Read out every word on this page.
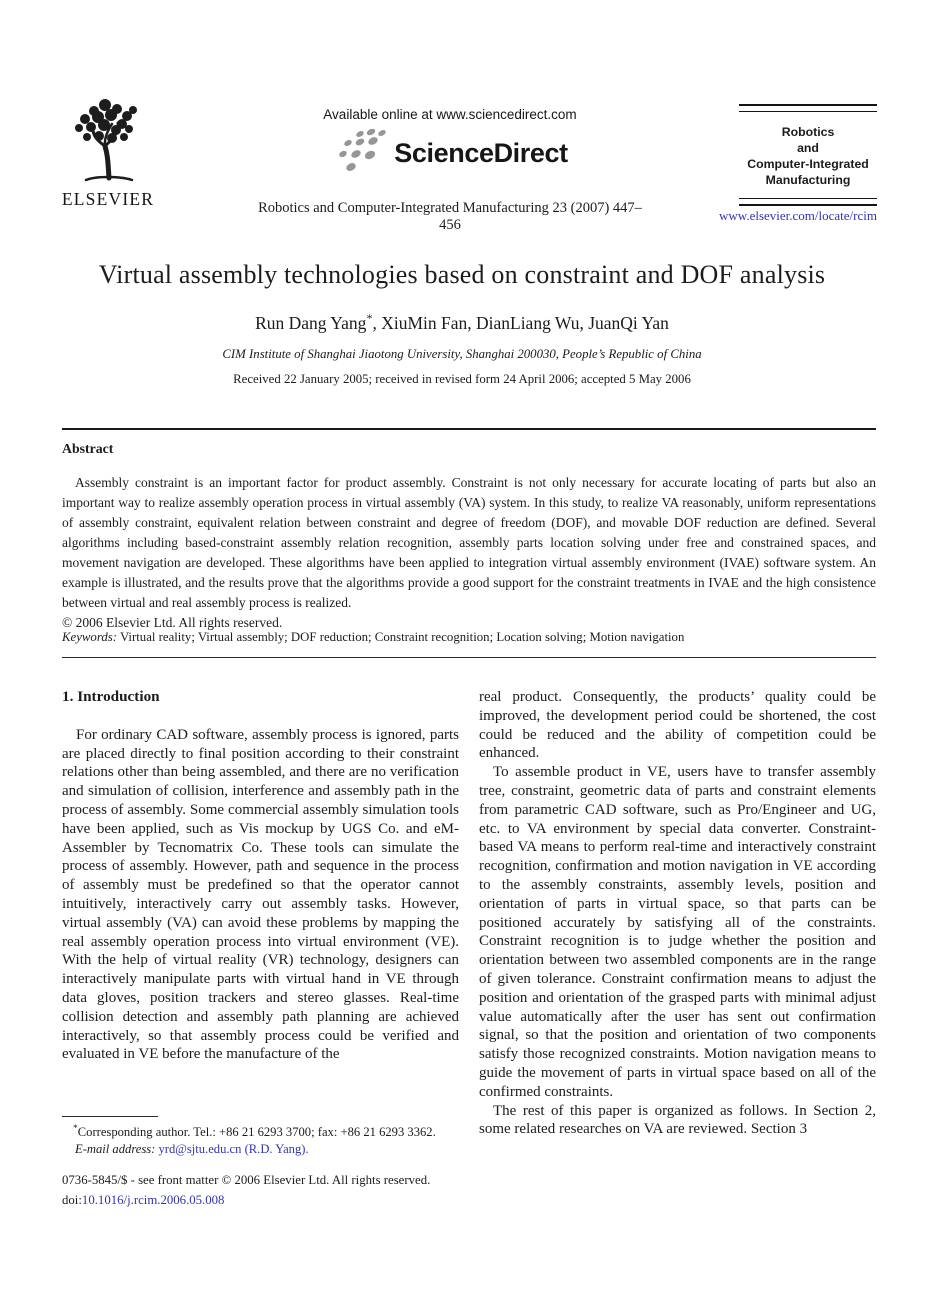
ELSEVIER
Available online at www.sciencedirect.com
ScienceDirect
Robotics and Computer-Integrated Manufacturing 23 (2007) 447–456
Robotics
and
Computer-Integrated
Manufacturing
www.elsevier.com/locate/rcim
Virtual assembly technologies based on constraint and DOF analysis
Run Dang Yang*, XiuMin Fan, DianLiang Wu, JuanQi Yan
CIM Institute of Shanghai Jiaotong University, Shanghai 200030, People’s Republic of China
Received 22 January 2005; received in revised form 24 April 2006; accepted 5 May 2006
Abstract

Assembly constraint is an important factor for product assembly. Constraint is not only necessary for accurate locating of parts but also an important way to realize assembly operation process in virtual assembly (VA) system. In this study, to realize VA reasonably, uniform representations of assembly constraint, equivalent relation between constraint and degree of freedom (DOF), and movable DOF reduction are defined. Several algorithms including based-constraint assembly relation recognition, assembly parts location solving under free and constrained spaces, and movement navigation are developed. These algorithms have been applied to integration virtual assembly environment (IVAE) software system. An example is illustrated, and the results prove that the algorithms provide a good support for the constraint treatments in IVAE and the high consistence between virtual and real assembly process is realized.

© 2006 Elsevier Ltd. All rights reserved.

Keywords: Virtual reality; Virtual assembly; DOF reduction; Constraint recognition; Location solving; Motion navigation
1. Introduction

For ordinary CAD software, assembly process is ignored, parts are placed directly to final position according to their constraint relations other than being assembled, and there are no verification and simulation of collision, interference and assembly path in the process of assembly. Some commercial assembly simulation tools have been applied, such as Vis mockup by UGS Co. and eM-Assembler by Tecnomatrix Co. These tools can simulate the process of assembly. However, path and sequence in the process of assembly must be predefined so that the operator cannot intuitively, interactively carry out assembly tasks. However, virtual assembly (VA) can avoid these problems by mapping the real assembly operation process into virtual environment (VE). With the help of virtual reality (VR) technology, designers can interactively manipulate parts with virtual hand in VE through data gloves, position trackers and stereo glasses. Real-time collision detection and assembly path planning are achieved interactively, so that assembly process could be verified and evaluated in VE before the manufacture of the

real product. Consequently, the products’ quality could be improved, the development period could be shortened, the cost could be reduced and the ability of competition could be enhanced.

To assemble product in VE, users have to transfer assembly tree, constraint, geometric data of parts and constraint elements from parametric CAD software, such as Pro/Engineer and UG, etc. to VA environment by special data converter. Constraint-based VA means to perform real-time and interactively constraint recognition, confirmation and motion navigation in VE according to the assembly constraints, assembly levels, position and orientation of parts in virtual space, so that parts can be positioned accurately by satisfying all of the constraints. Constraint recognition is to judge whether the position and orientation between two assembled components are in the range of given tolerance. Constraint confirmation means to adjust the position and orientation of the grasped parts with minimal adjust value automatically after the user has sent out confirmation signal, so that the position and orientation of two components satisfy those recognized constraints. Motion navigation means to guide the movement of parts in virtual space based on all of the confirmed constraints.

The rest of this paper is organized as follows. In Section 2, some related researches on VA are reviewed. Section 3

*Corresponding author. Tel.: +86 21 6293 3700; fax: +86 21 6293 3362.
E-mail address: yrd@sjtu.edu.cn (R.D. Yang).
0736-5845/$ - see front matter © 2006 Elsevier Ltd. All rights reserved.
doi:10.1016/j.rcim.2006.05.008
